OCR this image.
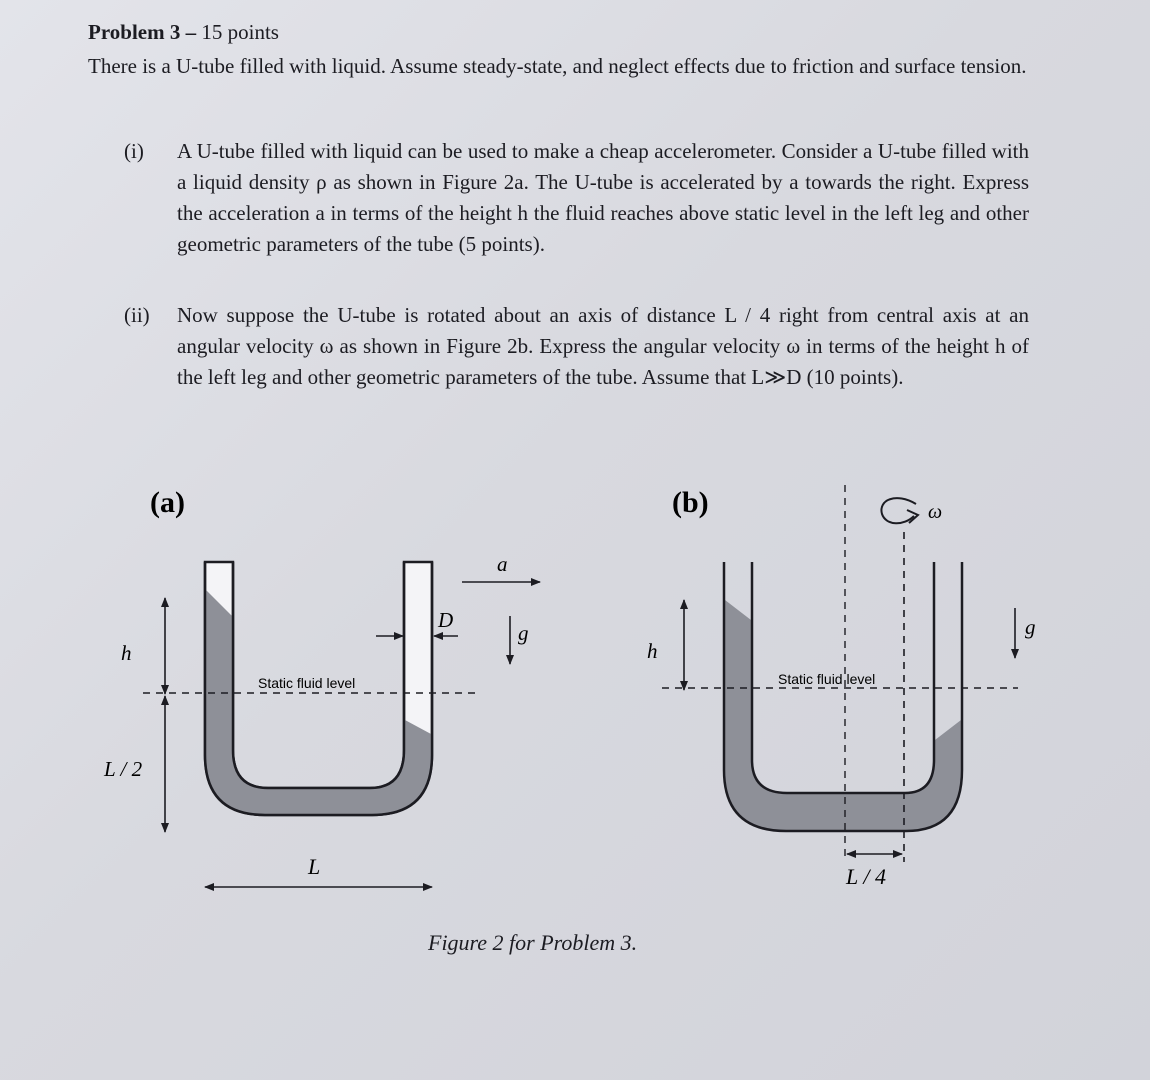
Problem 3 – 15 points
There is a U-tube filled with liquid. Assume steady-state, and neglect effects due to friction and surface tension.
(i) A U-tube filled with liquid can be used to make a cheap accelerometer. Consider a U-tube filled with a liquid density ρ as shown in Figure 2a. The U-tube is accelerated by a towards the right. Express the acceleration a in terms of the height h the fluid reaches above static level in the left leg and other geometric parameters of the tube (5 points).
(ii) Now suppose the U-tube is rotated about an axis of distance L / 4 right from central axis at an angular velocity ω as shown in Figure 2b. Express the angular velocity ω in terms of the height h of the left leg and other geometric parameters of the tube. Assume that L≫D (10 points).
(a)
Static fluid level
h
L / 2
L
D
a
g
(b)
Static fluid level
h
L / 4
ω
g
Figure 2 for Problem 3.
